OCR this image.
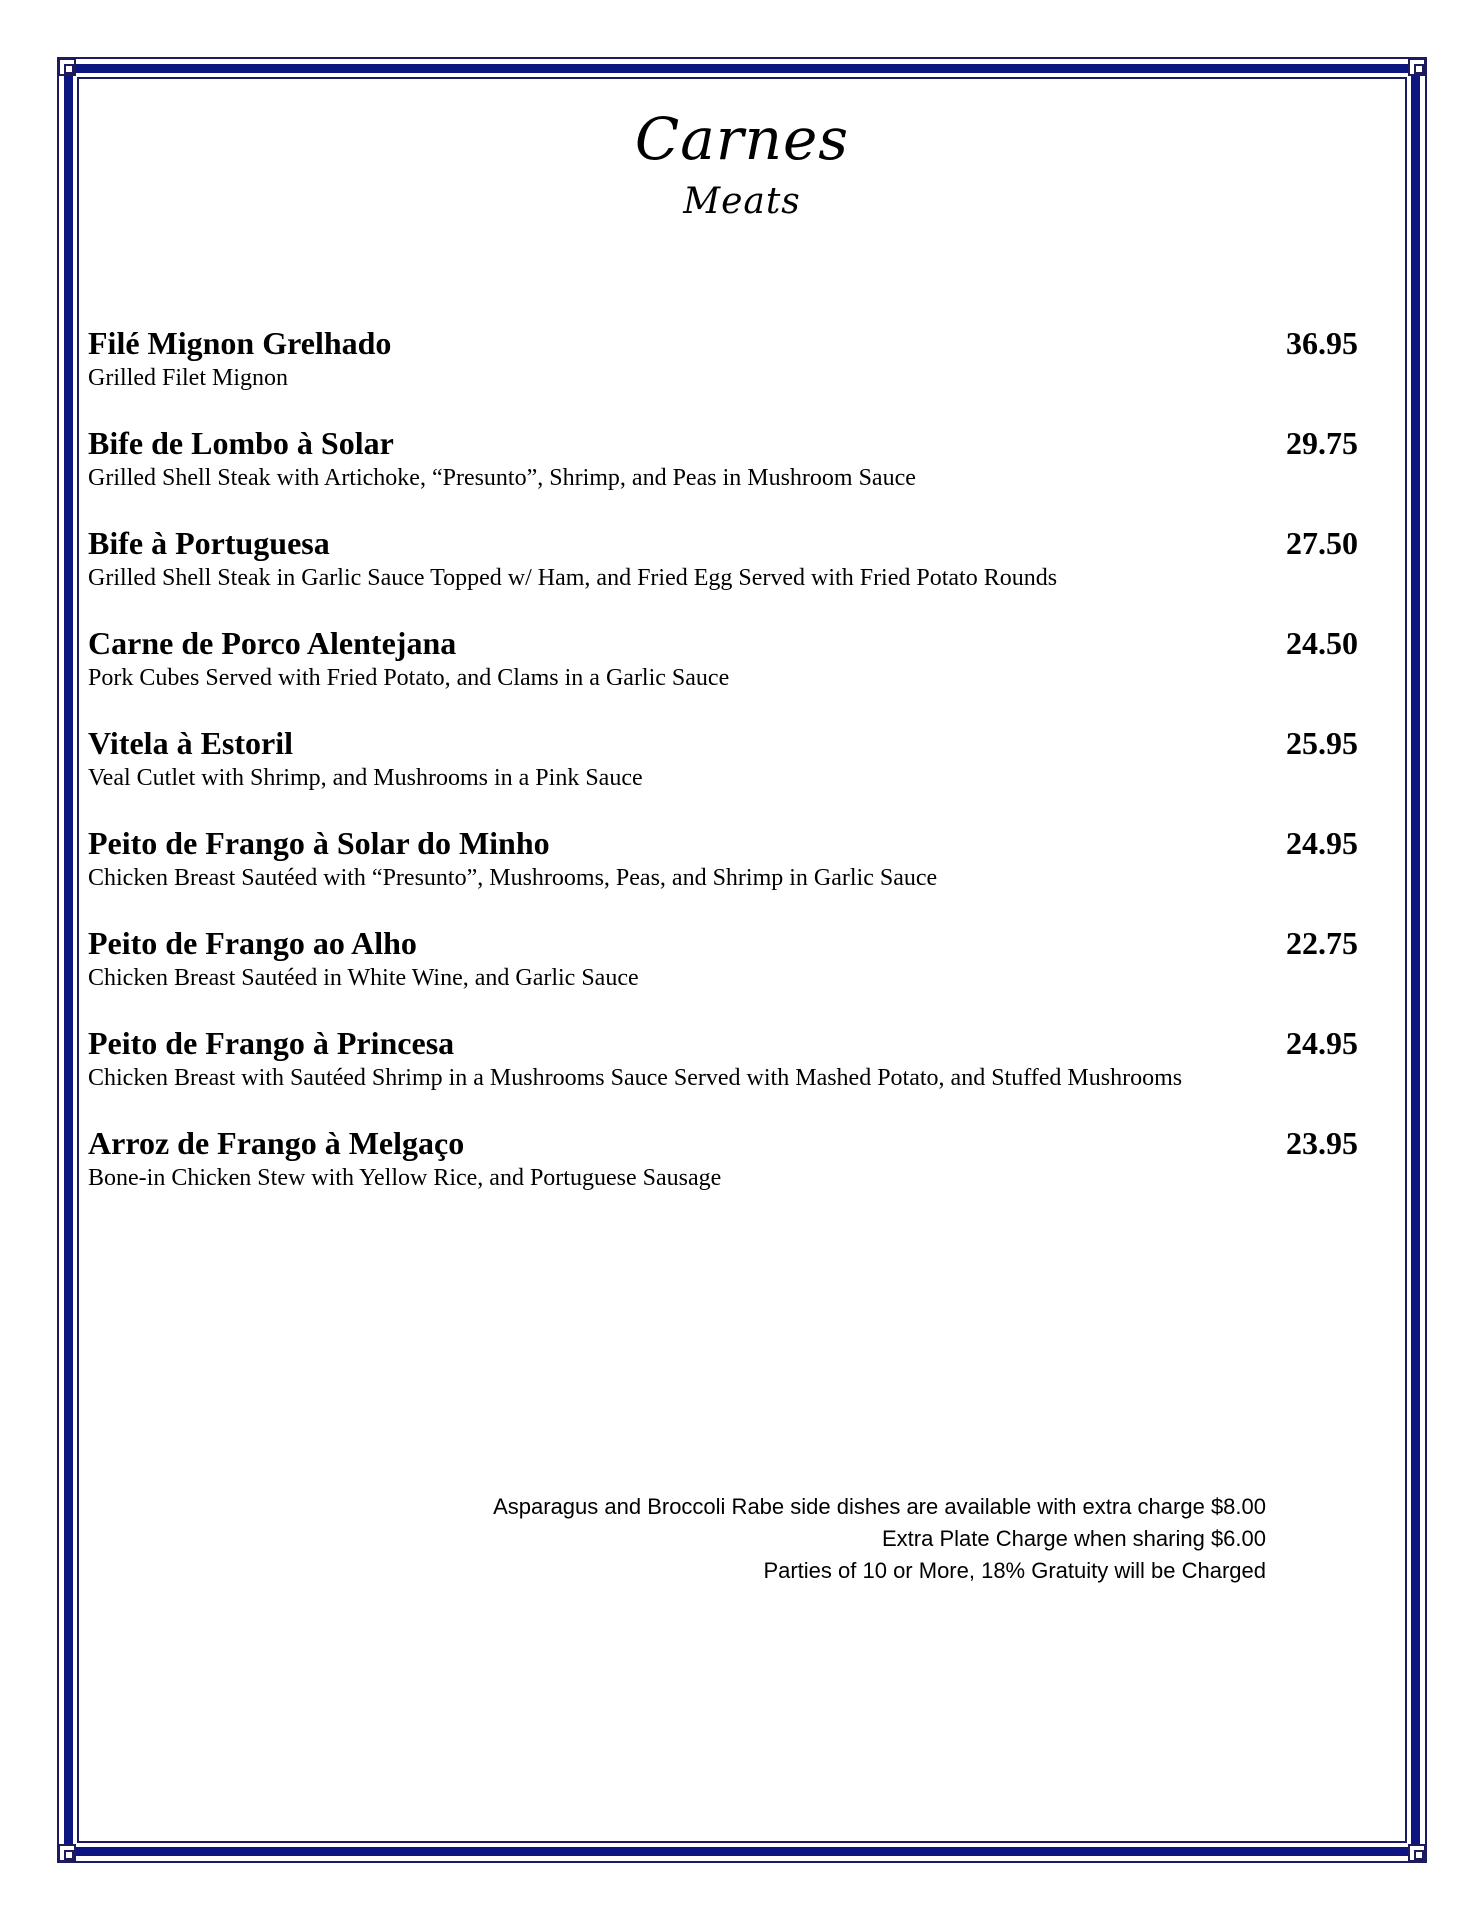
Carnes
Meats
Filé Mignon Grelhado	36.95
Grilled Filet Mignon
Bife de Lombo à Solar	29.75
Grilled Shell Steak with Artichoke, “Presunto”, Shrimp, and Peas in Mushroom Sauce
Bife à Portuguesa	27.50
Grilled Shell Steak in Garlic Sauce Topped w/ Ham, and Fried Egg Served with Fried Potato Rounds
Carne de Porco Alentejana	24.50
Pork Cubes Served with Fried Potato, and Clams in a Garlic Sauce
Vitela à Estoril	25.95
Veal Cutlet with Shrimp, and Mushrooms in a Pink Sauce
Peito de Frango à Solar do Minho	24.95
Chicken Breast Sautéed with “Presunto”, Mushrooms, Peas, and Shrimp in Garlic Sauce
Peito de Frango ao Alho	22.75
Chicken Breast Sautéed in White Wine, and Garlic Sauce
Peito de Frango à Princesa	24.95
Chicken Breast with Sautéed Shrimp in a Mushrooms Sauce Served with Mashed Potato, and Stuffed Mushrooms
Arroz de Frango à Melgaço	23.95
Bone-in Chicken Stew with Yellow Rice, and Portuguese Sausage
Asparagus and Broccoli Rabe side dishes are available with extra charge $8.00
Extra Plate Charge when sharing $6.00
Parties of 10 or More, 18% Gratuity will be Charged
